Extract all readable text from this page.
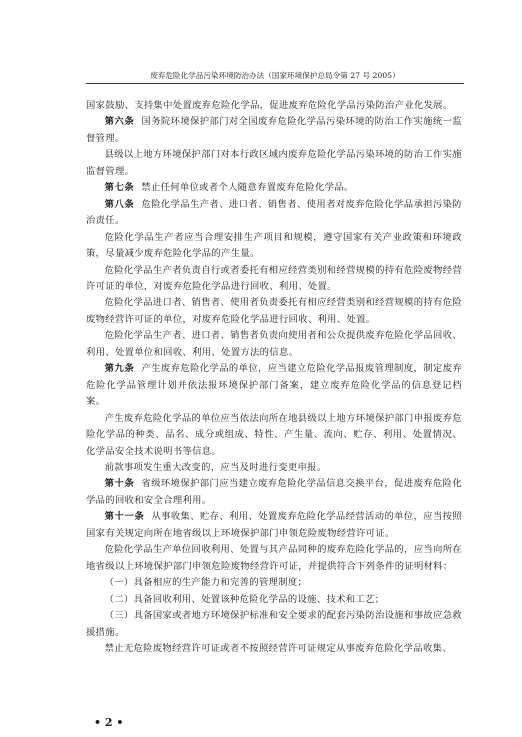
废弃危险化学品污染环境防治办法（国家环境保护总局令第 27 号 2005）

国家鼓励、支持集中处置废弃危险化学品，促进废弃危险化学品污染防治产业化发展。

第六条 国务院环境保护部门对全国废弃危险化学品污染环境的防治工作实施统一监督管理。

县级以上地方环境保护部门对本行政区域内废弃危险化学品污染环境的防治工作实施监督管理。

第七条 禁止任何单位或者个人随意弃置废弃危险化学品。

第八条 危险化学品生产者、进口者、销售者、使用者对废弃危险化学品承担污染防治责任。

危险化学品生产者应当合理安排生产项目和规模，遵守国家有关产业政策和环境政策，尽量减少废弃危险化学品的产生量。

危险化学品生产者负责自行或者委托有相应经营类别和经营规模的持有危险废物经营许可证的单位，对废弃危险化学品进行回收、利用、处置。

危险化学品进口者、销售者、使用者负责委托有相应经营类别和经营规模的持有危险废物经营许可证的单位，对废弃危险化学品进行回收、利用、处置。

危险化学品生产者、进口者、销售者负责向使用者和公众提供废弃危险化学品回收、利用、处置单位和回收、利用、处置方法的信息。

第九条 产生废弃危险化学品的单位，应当建立危险化学品报废管理制度，制定废弃危险化学品管理计划并依法报环境保护部门备案，建立废弃危险化学品的信息登记档案。

产生废弃危险化学品的单位应当依法向所在地县级以上地方环境保护部门申报废弃危险化学品的种类、品名、成分或组成、特性、产生量、流向、贮存、利用、处置情况、化学品安全技术说明书等信息。

前款事项发生重大改变的，应当及时进行变更申报。

第十条 省级环境保护部门应当建立废弃危险化学品信息交换平台，促进废弃危险化学品的回收和安全合理利用。

第十一条 从事收集、贮存、利用、处置废弃危险化学品经营活动的单位，应当按照国家有关规定向所在地省级以上环境保护部门申领危险废物经营许可证。

危险化学品生产单位回收利用、处置与其产品同种的废弃危险化学品的，应当向所在地省级以上环境保护部门申领危险废物经营许可证，并提供符合下列条件的证明材料：

（一）具备相应的生产能力和完善的管理制度；

（二）具备回收利用、处置该种危险化学品的设施、技术和工艺；

（三）具备国家或者地方环境保护标准和安全要求的配套污染防治设施和事故应急救援措施。

禁止无危险废物经营许可证或者不按照经营许可证规定从事废弃危险化学品收集、

• 2 •
